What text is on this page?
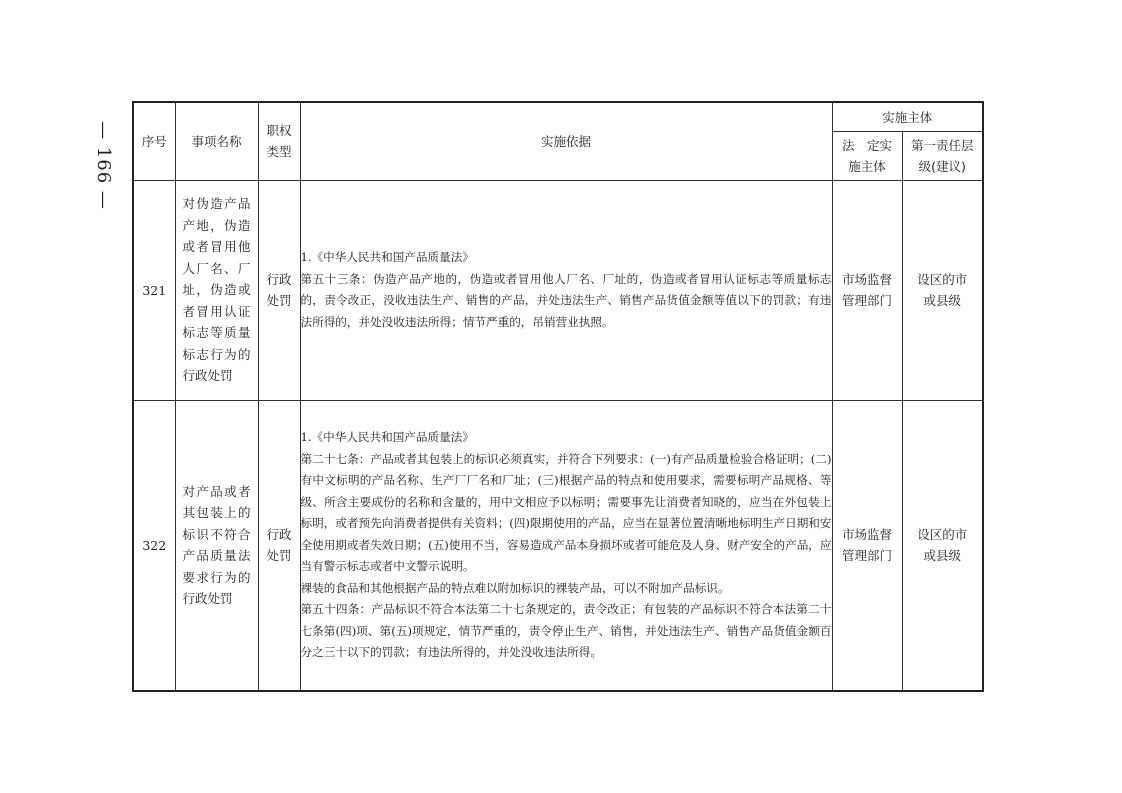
— 166 — 序号	事项名称	职权类型	实施依据	实施主体	
				法　定实施主体	第一责任层级(建议)
321	对伪造产品产地，伪造或者冒用他人厂名、厂址，伪造或者冒用认证标志等质量标志行为的行政处罚	行政处罚	1.《中华人民共和国产品质量法》

第五十三条：伪造产品产地的，伪造或者冒用他人厂名、厂址的，伪造或者冒用认证标志等质量标志的，责令改正，没收违法生产、销售的产品，并处违法生产、销售产品货值金额等值以下的罚款；有违法所得的，并处没收违法所得；情节严重的，吊销营业执照。	市场监督管理部门	设区的市或县级
322	对产品或者其包装上的标识不符合产品质量法要求行为的行政处罚	行政处罚	1.《中华人民共和国产品质量法》

第二十七条：产品或者其包装上的标识必须真实，并符合下列要求：(一)有产品质量检验合格证明；(二)有中文标明的产品名称、生产厂厂名和厂址；(三)根据产品的特点和使用要求，需要标明产品规格、等级、所含主要成份的名称和含量的，用中文相应予以标明；需要事先让消费者知晓的，应当在外包装上标明，或者预先向消费者提供有关资料；(四)限期使用的产品，应当在显著位置清晰地标明生产日期和安全使用期或者失效日期；(五)使用不当，容易造成产品本身损坏或者可能危及人身、财产安全的产品，应当有警示标志或者中文警示说明。

裸装的食品和其他根据产品的特点难以附加标识的裸装产品，可以不附加产品标识。

第五十四条：产品标识不符合本法第二十七条规定的，责令改正；有包装的产品标识不符合本法第二十七条第(四)项、第(五)项规定，情节严重的，责令停止生产、销售，并处违法生产、销售产品货值金额百分之三十以下的罚款；有违法所得的，并处没收违法所得。	市场监督管理部门	设区的市或县级
